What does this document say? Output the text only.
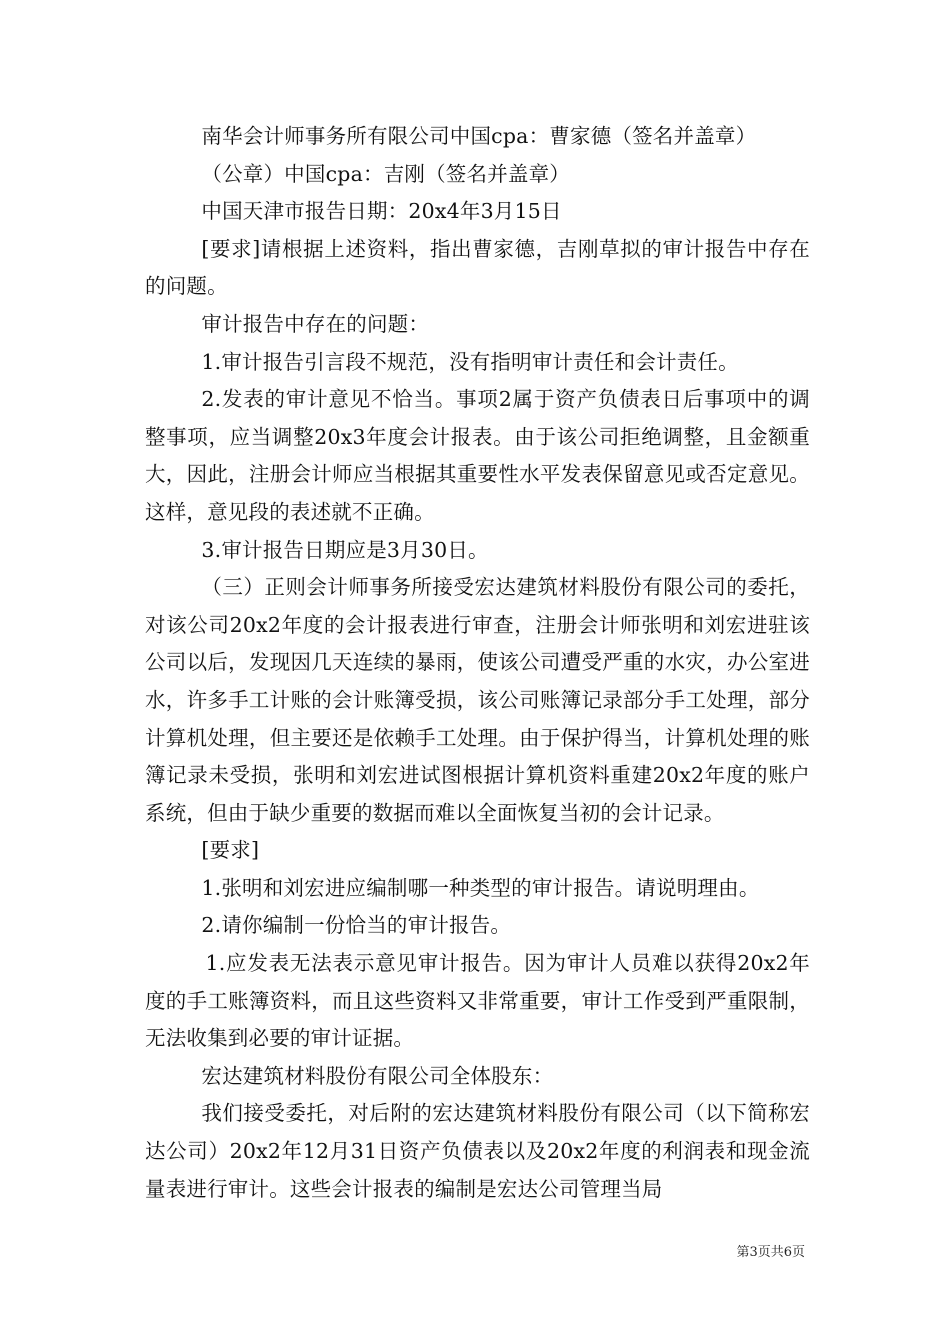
南华会计师事务所有限公司中国cpa：曹家德（签名并盖章）

（公章）中国cpa：吉刚（签名并盖章）

中国天津市报告日期：20x4年3月15日

[要求]请根据上述资料，指出曹家德，吉刚草拟的审计报告中存在的问题。

审计报告中存在的问题：

1.审计报告引言段不规范，没有指明审计责任和会计责任。

2.发表的审计意见不恰当。事项2属于资产负债表日后事项中的调整事项，应当调整20x3年度会计报表。由于该公司拒绝调整，且金额重大，因此，注册会计师应当根据其重要性水平发表保留意见或否定意见。这样，意见段的表述就不正确。

3.审计报告日期应是3月30日。

（三）正则会计师事务所接受宏达建筑材料股份有限公司的委托，对该公司20x2年度的会计报表进行审查，注册会计师张明和刘宏进驻该公司以后，发现因几天连续的暴雨，使该公司遭受严重的水灾，办公室进水，许多手工计账的会计账簿受损，该公司账簿记录部分手工处理，部分计算机处理，但主要还是依赖手工处理。由于保护得当，计算机处理的账簿记录未受损，张明和刘宏进试图根据计算机资料重建20x2年度的账户系统，但由于缺少重要的数据而难以全面恢复当初的会计记录。

[要求]

1.张明和刘宏进应编制哪一种类型的审计报告。请说明理由。

2.请你编制一份恰当的审计报告。

1.应发表无法表示意见审计报告。因为审计人员难以获得20x2年度的手工账簿资料，而且这些资料又非常重要，审计工作受到严重限制，无法收集到必要的审计证据。

宏达建筑材料股份有限公司全体股东：

我们接受委托，对后附的宏达建筑材料股份有限公司（以下简称宏达公司）20x2年12月31日资产负债表以及20x2年度的利润表和现金流量表进行审计。这些会计报表的编制是宏达公司管理当局

第3页共6页
